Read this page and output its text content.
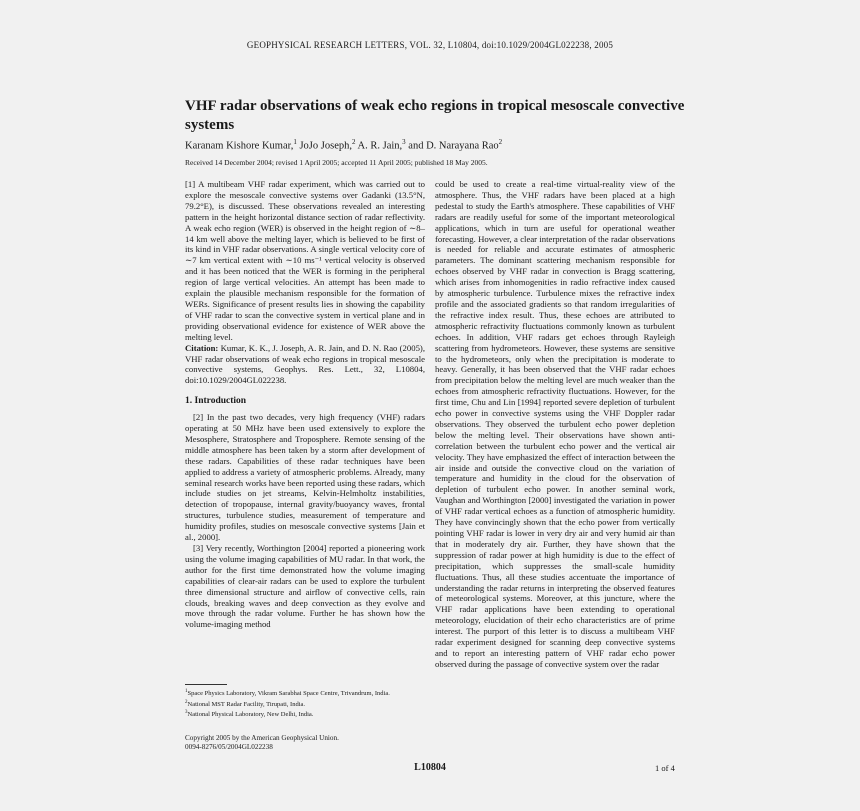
GEOPHYSICAL RESEARCH LETTERS, VOL. 32, L10804, doi:10.1029/2004GL022238, 2005
VHF radar observations of weak echo regions in tropical mesoscale convective systems
Karanam Kishore Kumar,$^1$ JoJo Joseph,$^2$ A. R. Jain,$^3$ and D. Narayana Rao$^2$
Received 14 December 2004; revised 1 April 2005; accepted 11 April 2005; published 18 May 2005.

[1] A multibeam VHF radar experiment, which was carried out to explore the mesoscale convective systems over Gadanki (13.5°N, 79.2°E), is discussed. These observations revealed an interesting pattern in the height horizontal distance section of radar reflectivity. A weak echo region (WER) is observed in the height region of ∼8–14 km well above the melting layer, which is believed to be first of its kind in VHF radar observations. A single vertical velocity core of ∼7 km vertical extent with ∼10 ms⁻¹ vertical velocity is observed and it has been noticed that the WER is forming in the peripheral region of large vertical velocities. An attempt has been made to explain the plausible mechanism responsible for the formation of WERs. Significance of present results lies in showing the capability of VHF radar to scan the convective system in vertical plane and in providing observational evidence for existence of WER above the melting level.

Citation: Kumar, K. K., J. Joseph, A. R. Jain, and D. N. Rao (2005), VHF radar observations of weak echo regions in tropical mesoscale convective systems, Geophys. Res. Lett., 32, L10804, doi:10.1029/2004GL022238.

1. Introduction

[2] In the past two decades, very high frequency (VHF) radars operating at 50 MHz have been used extensively to explore the Mesosphere, Stratosphere and Troposphere. Remote sensing of the middle atmosphere has been taken by a storm after development of these radars. Capabilities of these radar techniques have been applied to address a variety of atmospheric problems. Already, many seminal research works have been reported using these radars, which include studies on jet streams, Kelvin-Helmholtz instabilities, detection of tropopause, internal gravity/buoyancy waves, frontal structures, turbulence studies, measurement of temperature and humidity profiles, studies on mesoscale convective systems [Jain et al., 2000].

[3] Very recently, Worthington [2004] reported a pioneering work using the volume imaging capabilities of MU radar. In that work, the author for the first time demonstrated how the volume imaging capabilities of clear-air radars can be used to explore the turbulent three dimensional structure and airflow of convective cells, rain clouds, breaking waves and deep convection as they evolve and move through the radar volume. Further he has shown how the volume-imaging method

$^1$Space Physics Laboratory, Vikram Sarabhai Space Centre, Trivandrum, India.
$^2$National MST Radar Facility, Tirupati, India.
$^3$National Physical Laboratory, New Delhi, India.
Copyright 2005 by the American Geophysical Union.
0094-8276/05/2004GL022238

could be used to create a real-time virtual-reality view of the atmosphere. Thus, the VHF radars have been placed at a high pedestal to study the Earth's atmosphere. These capabilities of VHF radars are readily useful for some of the important meteorological applications, which in turn are useful for operational weather forecasting. However, a clear interpretation of the radar observations is needed for reliable and accurate estimates of atmospheric parameters. The dominant scattering mechanism responsible for echoes observed by VHF radar in convection is Bragg scattering, which arises from inhomogenities in radio refractive index caused by atmospheric turbulence. Turbulence mixes the refractive index profile and the associated gradients so that random irregularities of the refractive index result. Thus, these echoes are attributed to atmospheric refractivity fluctuations commonly known as turbulent echoes. In addition, VHF radars get echoes through Rayleigh scattering from hydrometeors. However, these systems are sensitive to the hydrometeors, only when the precipitation is moderate to heavy. Generally, it has been observed that the VHF radar echoes from precipitation below the melting level are much weaker than the echoes from atmospheric refractivity fluctuations. However, for the first time, Chu and Lin [1994] reported severe depletion of turbulent echo power in convective systems using the VHF Doppler radar observations. They observed the turbulent echo power depletion below the melting level. Their observations have shown anti-correlation between the turbulent echo power and the vertical air velocity. They have emphasized the effect of interaction between the air inside and outside the convective cloud on the variation of temperature and humidity in the cloud for the observation of depletion of turbulent echo power. In another seminal work, Vaughan and Worthington [2000] investigated the variation in power of VHF radar vertical echoes as a function of atmospheric humidity. They have convincingly shown that the echo power from vertically pointing VHF radar is lower in very dry air and very humid air than that in moderately dry air. Further, they have shown that the suppression of radar power at high humidity is due to the effect of precipitation, which suppresses the small-scale humidity fluctuations. Thus, all these studies accentuate the importance of understanding the radar returns in interpreting the observed features of meteorological systems. Moreover, at this juncture, where the VHF radar applications have been extending to operational meteorology, elucidation of their echo characteristics are of prime interest. The purport of this letter is to discuss a multibeam VHF radar experiment designed for scanning deep convective systems and to report an interesting pattern of VHF radar echo power observed during the passage of convective system over the radar

L10804	1 of 4
